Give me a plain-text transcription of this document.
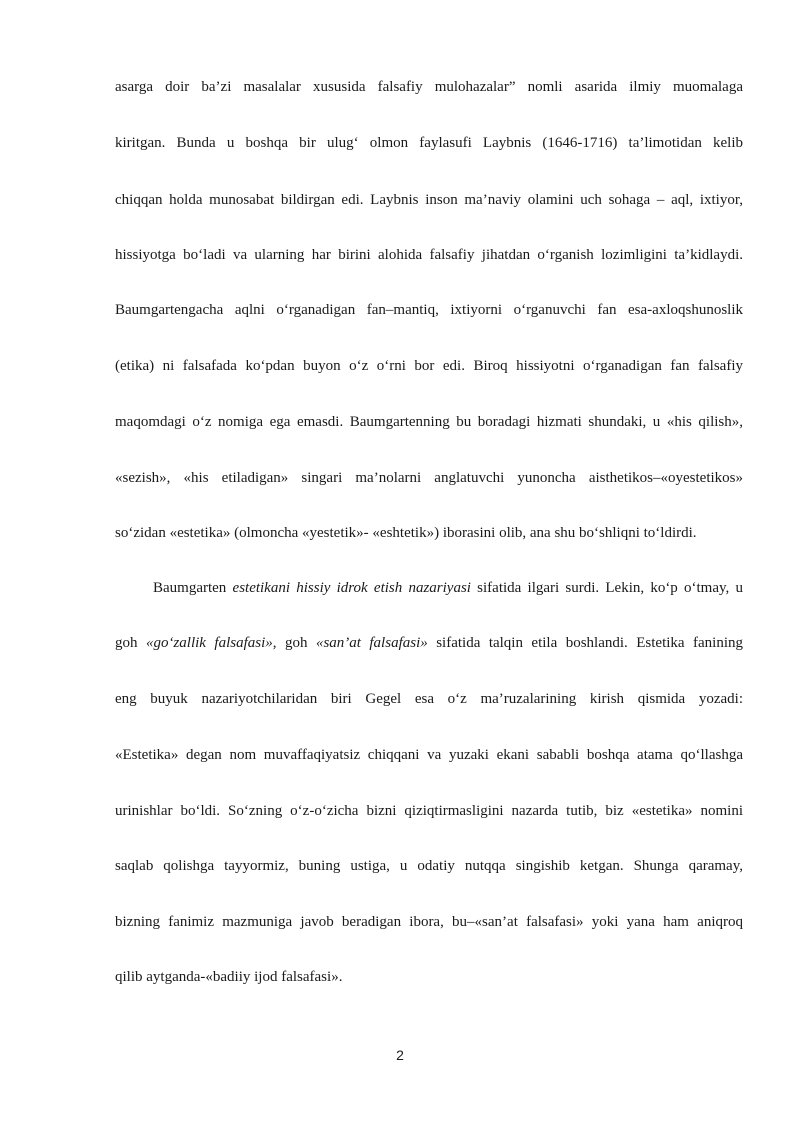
asarga doir ba’zi masalalar xususida falsafiy mulohazalar” nomli asarida ilmiy muomalaga
kiritgan. Bunda u boshqa bir ulug‘ olmon faylasufi Laybnis (1646-1716) ta’limotidan kelib
chiqqan holda munosabat bildirgan edi. Laybnis inson ma’naviy olamini uch sohaga – aql, ixtiyor,
hissiyotga bo‘ladi va ularning har birini alohida falsafiy jihatdan o‘rganish lozimligini ta’kidlaydi.
Baumgartengacha aqlni o‘rganadigan fan–mantiq, ixtiyorni o‘rganuvchi fan esa-axloqshunoslik
(etika) ni falsafada ko‘pdan buyon o‘z o‘rni bor edi. Biroq hissiyotni o‘rganadigan fan falsafiy
maqomdagi o‘z nomiga ega emasdi. Baumgartenning bu boradagi hizmati shundaki, u «his qilish»,
«sezish», «his etiladigan» singari ma’nolarni anglatuvchi yunoncha aisthetikos–«oyestetikos»
so‘zidan «estetika» (olmoncha «yestetik»- «eshtetik») iborasini olib, ana shu bo‘shliqni to‘ldirdi.
Baumgarten estetikani hissiy idrok etish nazariyasi sifatida ilgari surdi. Lekin, ko‘p o‘tmay, u
goh «go‘zallik falsafasi», goh «san’at falsafasi» sifatida talqin etila boshlandi. Estetika fanining
eng buyuk nazariyotchilaridan biri Gegel esa o‘z ma’ruzalarining kirish qismida yozadi:
«Estetika» degan nom muvaffaqiyatsiz chiqqani va yuzaki ekani sababli boshqa atama qo‘llashga
urinishlar bo‘ldi. So‘zning o‘z-o‘zicha bizni qiziqtirmasligini nazarda tutib, biz «estetika» nomini
saqlab qolishga tayyormiz, buning ustiga, u odatiy nutqqa singishib ketgan. Shunga qaramay,
bizning fanimiz mazmuniga javob beradigan ibora, bu–«san’at falsafasi» yoki yana ham aniqroq
qilib aytganda-«badiiy ijod falsafasi».
2
